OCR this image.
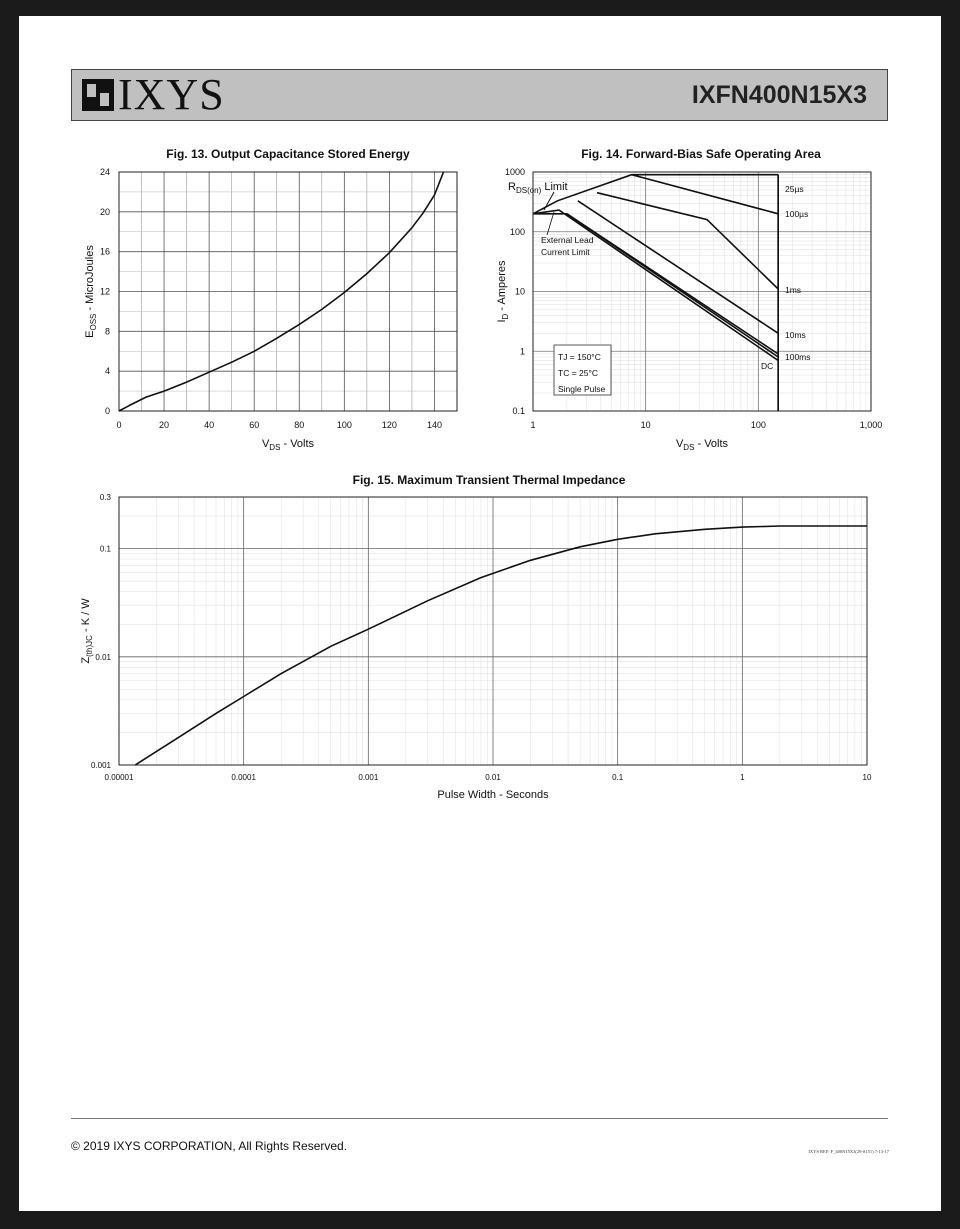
IXYS	IXFN400N15X3
Fig. 13. Output Capacitance Stored Energy
0	20	40	60	80	100	120	140
0
4
8
12
16
20
24
$V_{DS}$ - Volts
$E_{OSS}$ - MicroJoules
Fig. 14. Forward-Bias Safe Operating Area
1	10	100	1,000
0.1
1
10
100
1000
25µs
100µs
1ms
10ms
100ms
DC
$R_{DS(on)}$ Limit
External Lead
Current Limit
TJ = 150°C
TC = 25°C
Single Pulse
$V_{DS}$ - Volts
$I_D$ - Amperes
Fig. 15. Maximum Transient Thermal Impedance
0.00001	0.0001	0.001	0.01	0.1	1	10
0.001
0.01
0.1
0.3
Pulse Width - Seconds
$Z_{(th)JC}$ - K / W
© 2019 IXYS CORPORATION, All Rights Reserved.	IXYS REF: F_400N15X3(29-S151) 7-13-17
